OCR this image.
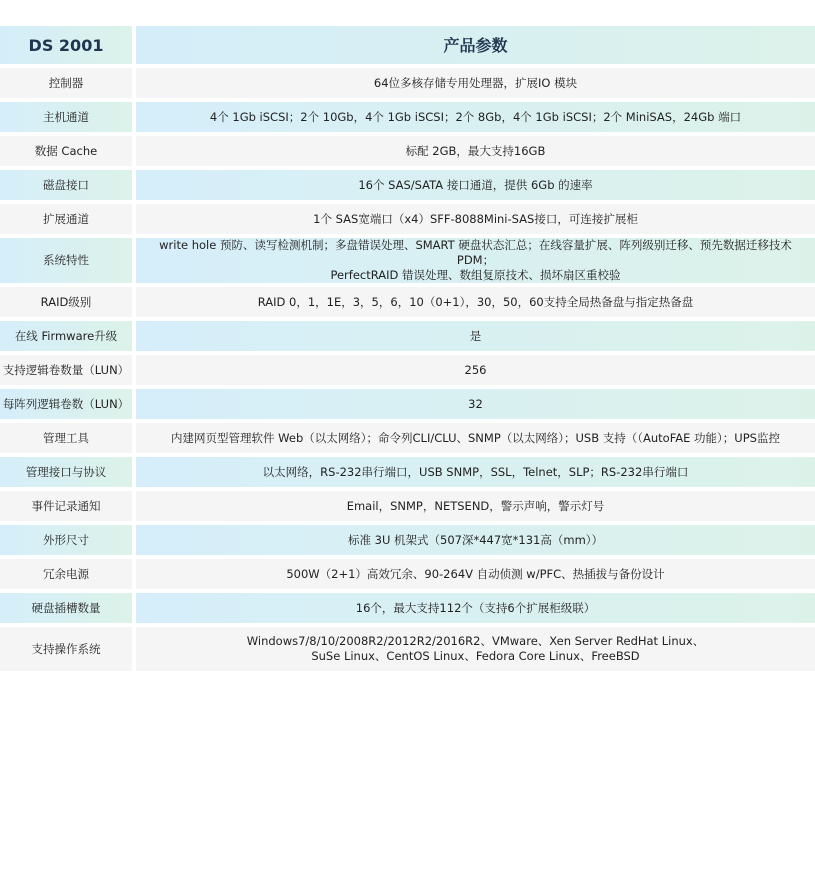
DS 2001		产品参数
控制器		64位多核存储专用处理器，扩展IO 模块
主机通道		4个 1Gb iSCSI；2个 10Gb，4个 1Gb iSCSI；2个 8Gb，4个 1Gb iSCSI；2个 MiniSAS，24Gb 端口
数据 Cache		标配 2GB，最大支持16GB
磁盘接口		16个 SAS/SATA 接口通道，提供 6Gb 的速率
扩展通道		1个 SAS宽端口（x4）SFF-8088Mini-SAS接口，可连接扩展柜
系统特性		write hole 预防、读写检测机制；多盘错误处理、SMART 硬盘状态汇总；在线容量扩展、阵列级别迁移、预先数据迁移技术 PDM；
PerfectRAID 错误处理、数组复原技术、损坏扇区重校验

RAID级别		RAID 0，1，1E，3，5，6，10（0+1），30，50，60支持全局热备盘与指定热备盘
在线 Firmware升级		是
支持逻辑卷数量（LUN）		256
每阵列逻辑卷数（LUN）		32
管理工具		内建网页型管理软件 Web（以太网络）；命令列CLI/CLU、SNMP（以太网络）；USB 支持（（AutoFAE 功能）；UPS监控
管理接口与协议		以太网络，RS-232串行端口，USB SNMP，SSL，Telnet，SLP；RS-232串行端口
事件记录通知		Email，SNMP，NETSEND，警示声响，警示灯号
外形尺寸		标准 3U 机架式（507深*447宽*131高（mm））
冗余电源		500W（2+1）高效冗余、90-264V 自动侦测 w/PFC、热插拔与备份设计
硬盘插槽数量		16个，最大支持112个（支持6个扩展柜级联）
支持操作系统		Windows7/8/10/2008R2/2012R2/2016R2、VMware、Xen Server RedHat Linux、
SuSe Linux、CentOS Linux、Fedora Core Linux、FreeBSD
